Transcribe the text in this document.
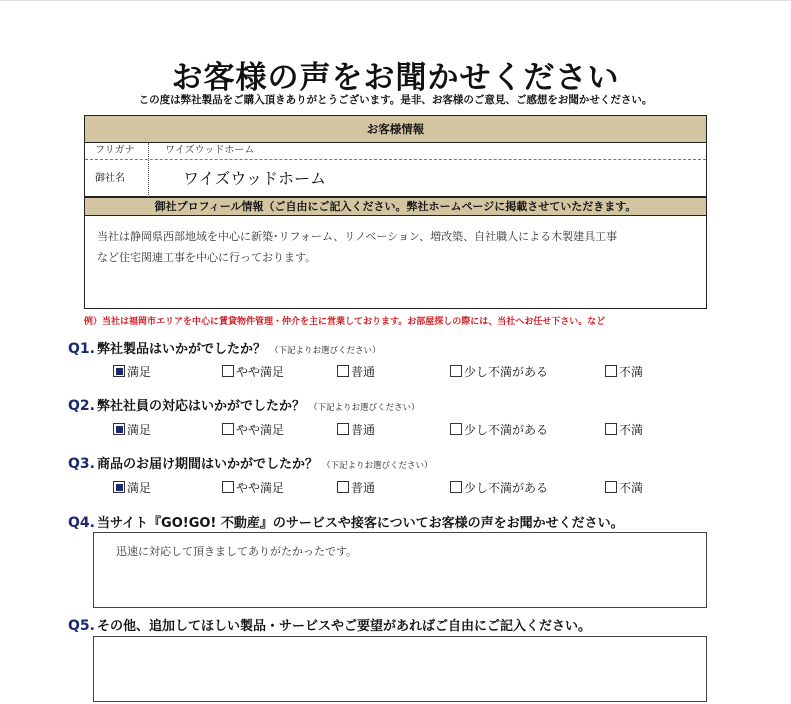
お客様の声をお聞かせください
この度は弊社製品をご購入頂きありがとうございます。是非、お客様のご意見、ご感想をお聞かせください。
お客様情報
フリガナ	ワイズウッドホーム
御社名	ワイズウッドホーム
御社プロフィール情報（ご自由にご記入ください。弊社ホームページに掲載させていただきます。
当社は静岡県西部地域を中心に新築･リフォーム、リノベーション、増改築、自社職人による木製建具工事
など住宅関連工事を中心に行っております。
例）当社は福岡市エリアを中心に賃貸物件管理・仲介を主に営業しております。お部屋探しの際には、当社へお任せ下さい。など
Q1. 弊社製品はいかがでしたか？ （下記よりお選びください）
満足	やや満足	普通	少し不満がある	不満
Q2. 弊社社員の対応はいかがでしたか？ （下記よりお選びください）
満足	やや満足	普通	少し不満がある	不満
Q3. 商品のお届け期間はいかがでしたか？ （下記よりお選びください）
満足	やや満足	普通	少し不満がある	不満
Q4. 当サイト『GO!GO! 不動産』のサービスや接客についてお客様の声をお聞かせください。
迅速に対応して頂きましてありがたかったです。
Q5. その他、追加してほしい製品・サービスやご要望があればご自由にご記入ください。
